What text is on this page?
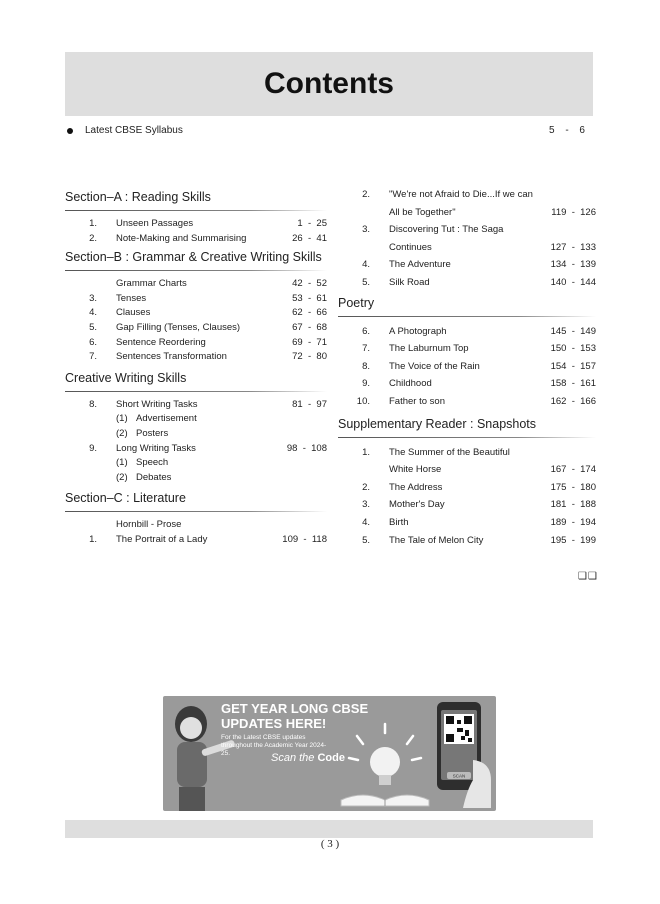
Contents
Latest CBSE Syllabus	5 - 6
Section–A : Reading Skills
1. Unseen Passages	1  -  25
2. Note-Making and Summarising	26  -  41
Section–B : Grammar & Creative Writing Skills
Grammar Charts	42  -  52
3. Tenses	53  -  61
4. Clauses	62  -  66
5. Gap Filling (Tenses, Clauses)	67  -  68
6. Sentence Reordering	69  -  71
7. Sentences Transformation	72  -  80
Creative Writing Skills
8. Short Writing Tasks	81  -  97
(1) Advertisement
(2) Posters
9. Long Writing Tasks	98  -  108
(1) Speech
(2) Debates
Section–C : Literature
Hornbill - Prose
1. The Portrait of a Lady	109  -  118
2. "We're not Afraid to Die...If we can
All be Together"	119  -  126
3. Discovering Tut : The Saga
Continues	127  -  133
4. The Adventure	134  -  139
5. Silk Road	140  -  144
Poetry
6. A Photograph	145  -  149
7. The Laburnum Top	150  -  153
8. The Voice of the Rain	154  -  157
9. Childhood	158  -  161
10. Father to son	162  -  166
Supplementary Reader : Snapshots
1. The Summer of the Beautiful
White Horse	167  -  174
2. The Address	175  -  180
3. Mother's Day	181  -  188
4. Birth	189  -  194
5. The Tale of Melon City	195  -  199
❑❑
GET YEAR LONG CBSE
UPDATES HERE!
For the Latest CBSE updates throughout the Academic Year 2024-25.	Scan the Code
SCAN
( 3 )
